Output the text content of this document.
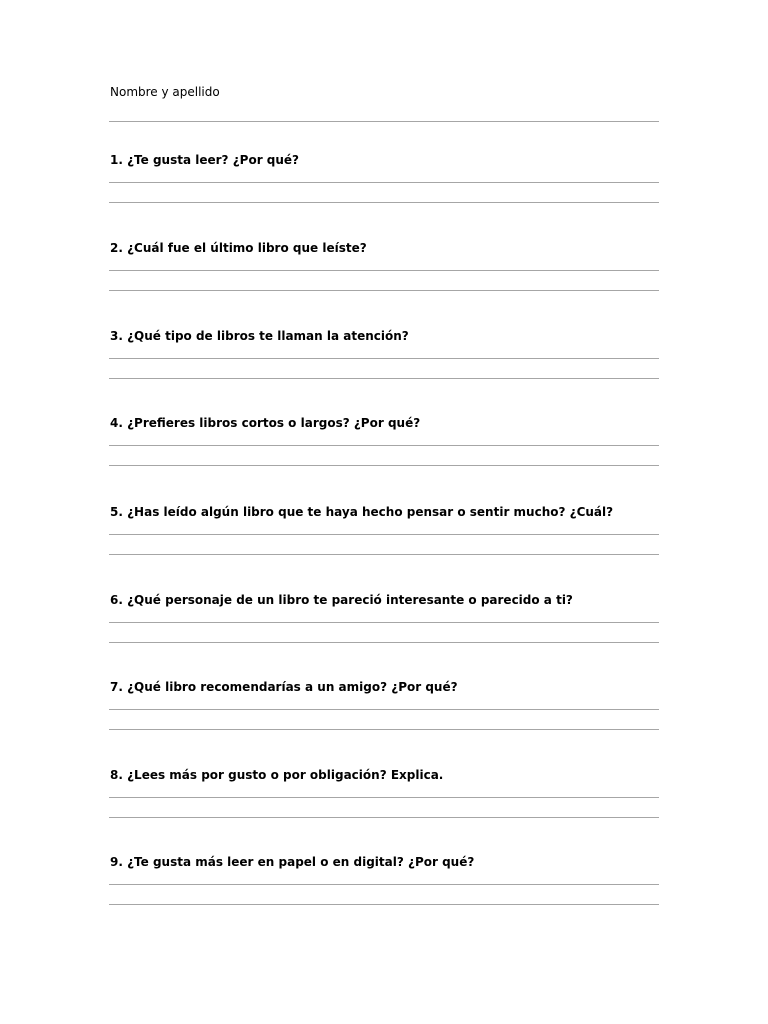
Nombre y apellido
1. ¿Te gusta leer? ¿Por qué?
2. ¿Cuál fue el último libro que leíste?
3. ¿Qué tipo de libros te llaman la atención?
4. ¿Prefieres libros cortos o largos? ¿Por qué?
5. ¿Has leído algún libro que te haya hecho pensar o sentir mucho? ¿Cuál?
6. ¿Qué personaje de un libro te pareció interesante o parecido a ti?
7. ¿Qué libro recomendarías a un amigo? ¿Por qué?
8. ¿Lees más por gusto o por obligación? Explica.
9. ¿Te gusta más leer en papel o en digital? ¿Por qué?
